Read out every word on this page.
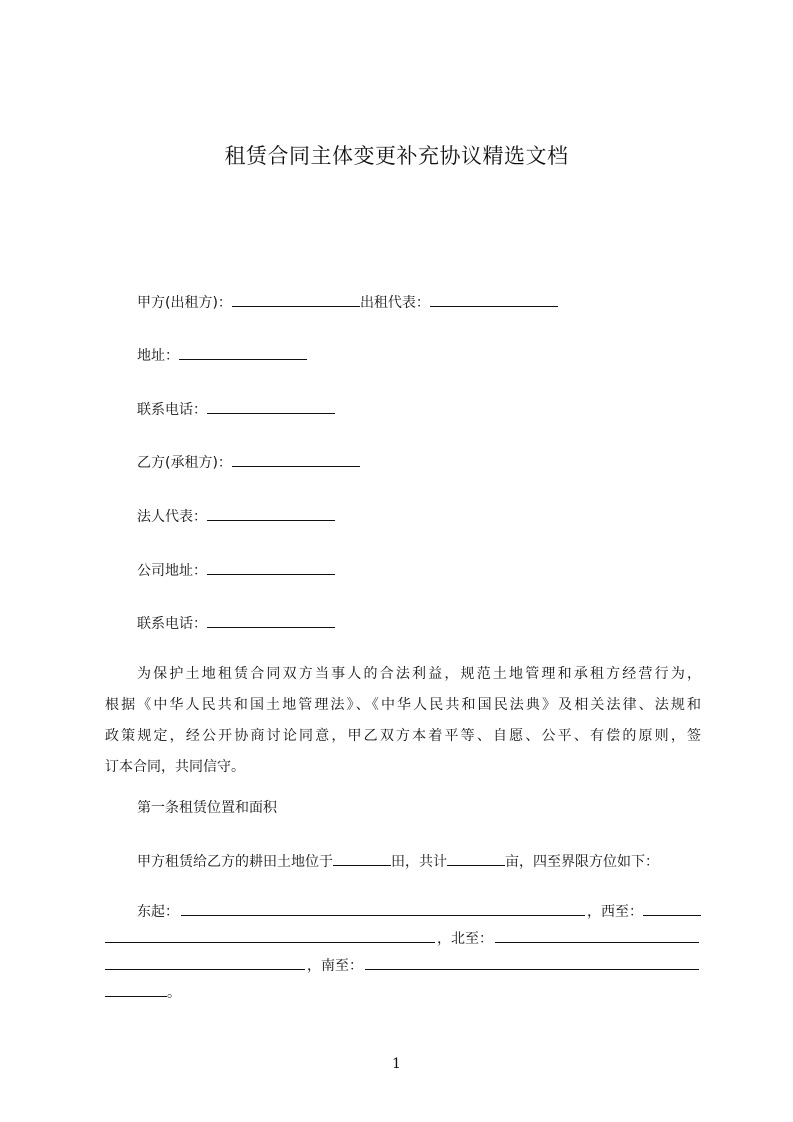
租赁合同主体变更补充协议精选文档
甲方(出租方)：	出租代表：
地址：
联系电话：
乙方(承租方)：
法人代表：
公司地址：
联系电话：
为保护土地租赁合同双方当事人的合法利益，规范土地管理和承租方经营行为，
根据《中华人民共和国土地管理法》、《中华人民共和国民法典》及相关法律、法规和
政策规定，经公开协商讨论同意，甲乙双方本着平等、自愿、公平、有偿的原则，签
订本合同，共同信守。
第一条租赁位置和面积
甲方租赁给乙方的耕田土地位于	田，共计	亩，四至界限方位如下：
东起：	，西至：
，北至：
，南至：
。
1
